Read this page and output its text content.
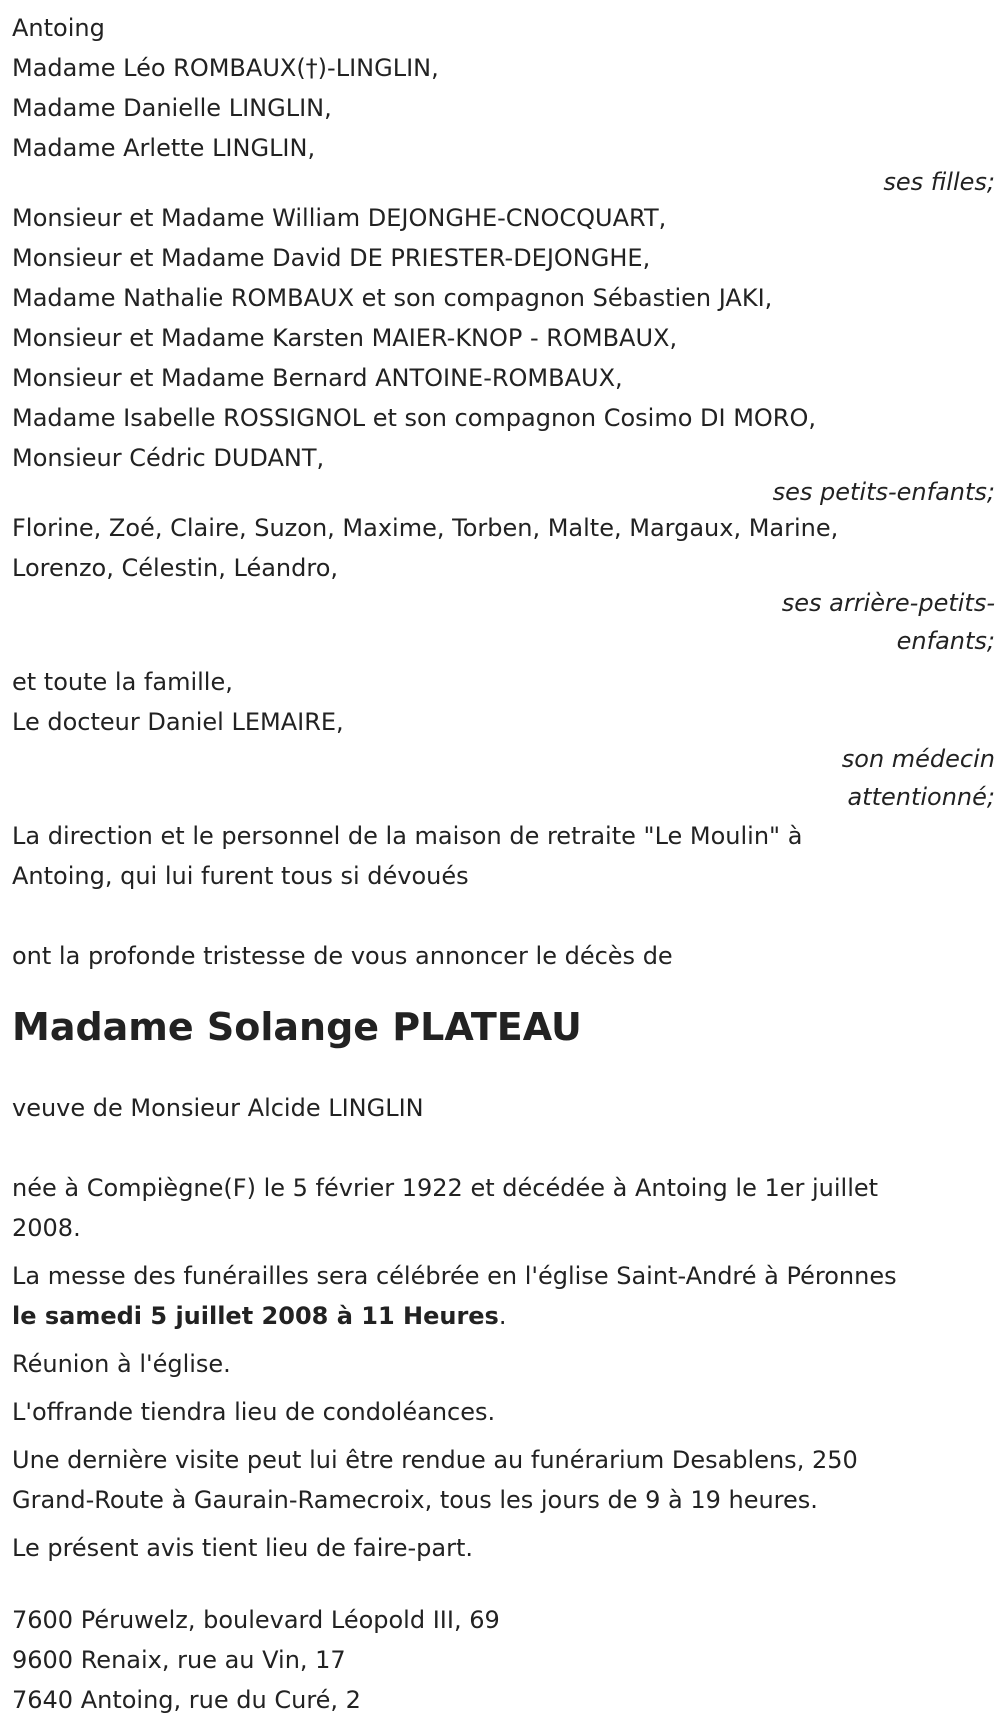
Antoing
Madame Léo ROMBAUX(†)-LINGLIN,
Madame Danielle LINGLIN,
Madame Arlette LINGLIN,
ses filles;
Monsieur et Madame William DEJONGHE-CNOCQUART,
Monsieur et Madame David DE PRIESTER-DEJONGHE,
Madame Nathalie ROMBAUX et son compagnon Sébastien JAKI,
Monsieur et Madame Karsten MAIER-KNOP - ROMBAUX,
Monsieur et Madame Bernard ANTOINE-ROMBAUX,
Madame Isabelle ROSSIGNOL et son compagnon Cosimo DI MORO,
Monsieur Cédric DUDANT,
ses petits-enfants;
Florine, Zoé, Claire, Suzon, Maxime, Torben, Malte, Margaux, Marine,
Lorenzo, Célestin, Léandro,
ses arrière-petits-
enfants;
et toute la famille,
Le docteur Daniel LEMAIRE,
son médecin
attentionné;
La direction et le personnel de la maison de retraite "Le Moulin" à
Antoing, qui lui furent tous si dévoués
ont la profonde tristesse de vous annoncer le décès de
Madame Solange PLATEAU
veuve de Monsieur Alcide LINGLIN
née à Compiègne(F) le 5 février 1922 et décédée à Antoing le 1er juillet
2008.
La messe des funérailles sera célébrée en l'église Saint-André à Péronnes
le samedi 5 juillet 2008 à 11 Heures.
Réunion à l'église.
L'offrande tiendra lieu de condoléances.
Une dernière visite peut lui être rendue au funérarium Desablens, 250
Grand-Route à Gaurain-Ramecroix, tous les jours de 9 à 19 heures.
Le présent avis tient lieu de faire-part.
7600 Péruwelz, boulevard Léopold III, 69
9600 Renaix, rue au Vin, 17
7640 Antoing, rue du Curé, 2
